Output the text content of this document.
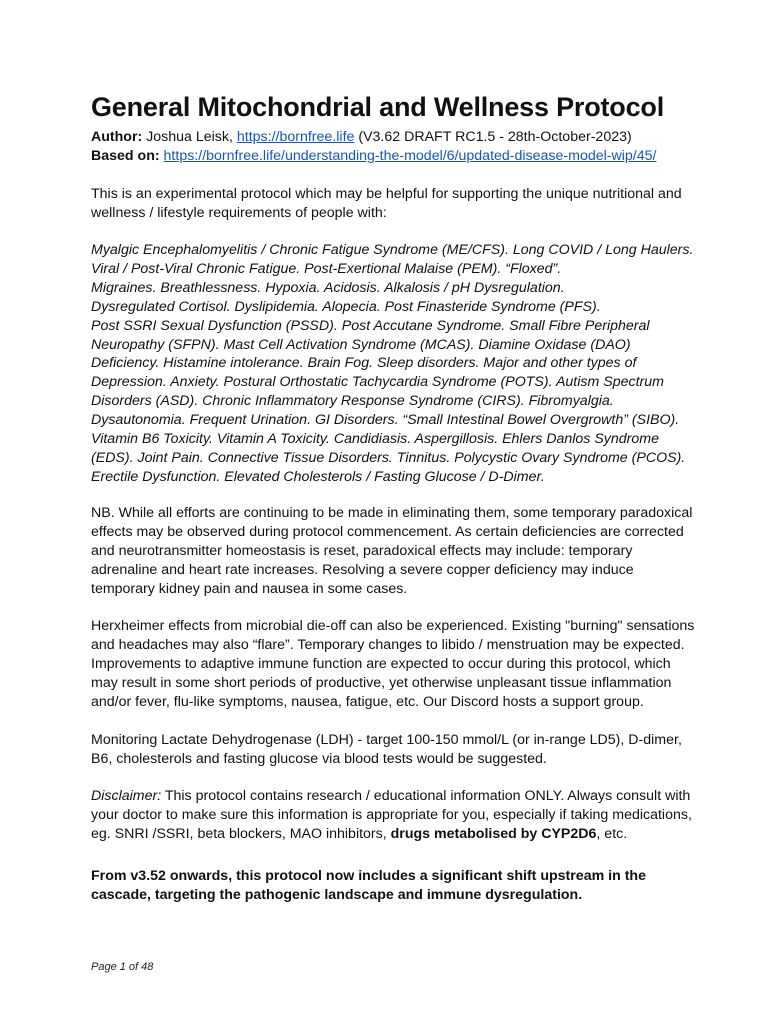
General Mitochondrial and Wellness Protocol
Author: Joshua Leisk, https://bornfree.life (V3.62 DRAFT RC1.5 - 28th-October-2023)
Based on: https://bornfree.life/understanding-the-model/6/updated-disease-model-wip/45/

This is an experimental protocol which may be helpful for supporting the unique nutritional and
wellness / lifestyle requirements of people with:

Myalgic Encephalomyelitis / Chronic Fatigue Syndrome (ME/CFS). Long COVID / Long Haulers.
Viral / Post-Viral Chronic Fatigue. Post-Exertional Malaise (PEM). “Floxed”.
Migraines. Breathlessness. Hypoxia. Acidosis. Alkalosis / pH Dysregulation.
Dysregulated Cortisol. Dyslipidemia. Alopecia. Post Finasteride Syndrome (PFS).
Post SSRI Sexual Dysfunction (PSSD). Post Accutane Syndrome. Small Fibre Peripheral
Neuropathy (SFPN). Mast Cell Activation Syndrome (MCAS). Diamine Oxidase (DAO)
Deficiency. Histamine intolerance. Brain Fog. Sleep disorders. Major and other types of
Depression. Anxiety. Postural Orthostatic Tachycardia Syndrome (POTS). Autism Spectrum
Disorders (ASD). Chronic Inflammatory Response Syndrome (CIRS). Fibromyalgia.
Dysautonomia. Frequent Urination. GI Disorders. “Small Intestinal Bowel Overgrowth” (SIBO).
Vitamin B6 Toxicity. Vitamin A Toxicity. Candidiasis. Aspergillosis. Ehlers Danlos Syndrome
(EDS). Joint Pain. Connective Tissue Disorders. Tinnitus. Polycystic Ovary Syndrome (PCOS).
Erectile Dysfunction. Elevated Cholesterols / Fasting Glucose / D-Dimer.

NB. While all efforts are continuing to be made in eliminating them, some temporary paradoxical
effects may be observed during protocol commencement. As certain deficiencies are corrected
and neurotransmitter homeostasis is reset, paradoxical effects may include: temporary
adrenaline and heart rate increases. Resolving a severe copper deficiency may induce
temporary kidney pain and nausea in some cases.

Herxheimer effects from microbial die-off can also be experienced. Existing "burning" sensations
and headaches may also “flare”. Temporary changes to libido / menstruation may be expected.
Improvements to adaptive immune function are expected to occur during this protocol, which
may result in some short periods of productive, yet otherwise unpleasant tissue inflammation
and/or fever, flu-like symptoms, nausea, fatigue, etc. Our Discord hosts a support group.

Monitoring Lactate Dehydrogenase (LDH) - target 100-150 mmol/L (or in-range LD5), D-dimer,
B6, cholesterols and fasting glucose via blood tests would be suggested.

Disclaimer: This protocol contains research / educational information ONLY. Always consult with
your doctor to make sure this information is appropriate for you, especially if taking medications,
eg. SNRI /SSRI, beta blockers, MAO inhibitors, drugs metabolised by CYP2D6, etc.

From v3.52 onwards, this protocol now includes a significant shift upstream in the
cascade, targeting the pathogenic landscape and immune dysregulation.

Page 1 of 48
